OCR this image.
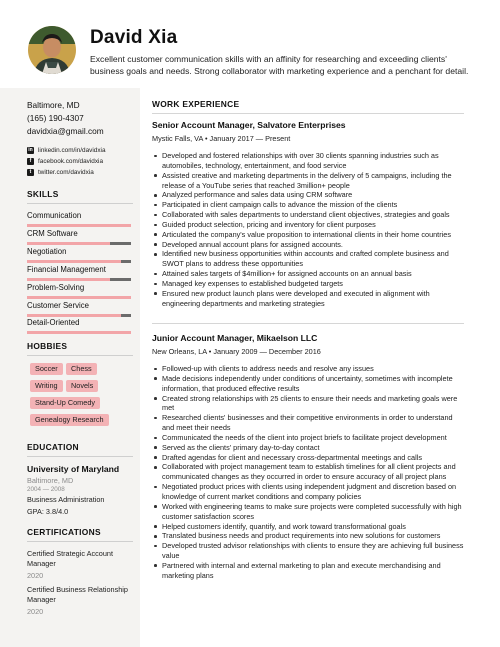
David Xia
Excellent customer communication skills with an affinity for researching and exceeding clients' business goals and needs. Strong collaborator with marketing experience and a penchant for detail.
Baltimore, MD
(165) 190-4307
davidxia@gmail.com
in linkedin.com/in/davidxia
f	facebook.com/davidxia
t	twitter.com/davidxia
SKILLS
Communication
CRM Software
Negotiation
Financial Management
Problem-Solving
Customer Service
Detail-Oriented
HOBBIES
Soccer	Chess
Writing	Novels
Stand-Up Comedy
Genealogy Research
EDUCATION
University of Maryland
Baltimore, MD
2004 — 2008
Business Administration
GPA: 3.8/4.0
CERTIFICATIONS
Certified Strategic Account Manager
2020
Certified Business Relationship Manager
2020
WORK EXPERIENCE
Senior Account Manager, Salvatore Enterprises
Mystic Falls, VA • January 2017 — Present
Developed and fostered relationships with over 30 clients spanning industries such as automobiles, technology, entertainment, and food service
Assisted creative and marketing departments in the delivery of 5 campaigns, including the release of a YouTube series that reached 3million+ people
Analyzed performance and sales data using CRM software
Participated in client campaign calls to advance the mission of the clients
Collaborated with sales departments to understand client objectives, strategies and goals
Guided product selection, pricing and inventory for client purposes
Articulated the company's value proposition to international clients in their home countries
Developed annual account plans for assigned accounts.
Identified new business opportunities within accounts and crafted complete business and SWOT plans to address these opportunities
Attained sales targets of $4million+ for assigned accounts on an annual basis
Managed key expenses to established budgeted targets
Ensured new product launch plans were developed and executed in alignment with engineering departments and marketing strategies
Junior Account Manager, Mikaelson LLC
New Orleans, LA • January 2009 — December 2016
Followed-up with clients to address needs and resolve any issues
Made decisions independently under conditions of uncertainty, sometimes with incomplete information, that produced effective results
Created strong relationships with 25 clients to ensure their needs and marketing goals were met
Researched clients' businesses and their competitive environments in order to understand and meet their needs
Communicated the needs of the client into project briefs to facilitate project development
Served as the clients' primary day-to-day contact
Drafted agendas for client and necessary cross-departmental meetings and calls
Collaborated with project management team to establish timelines for all client projects and communicated changes as they occurred in order to ensure accuracy of all project plans
Negotiated product prices with clients using independent judgment and discretion based on knowledge of current market conditions and company policies
Worked with engineering teams to make sure projects were completed successfully with high customer satisfaction scores
Helped customers identify, quantify, and work toward transformational goals
Translated business needs and product requirements into new solutions for customers
Developed trusted advisor relationships with clients to ensure they are achieving full business value
Partnered with internal and external marketing to plan and execute merchandising and marketing plans
